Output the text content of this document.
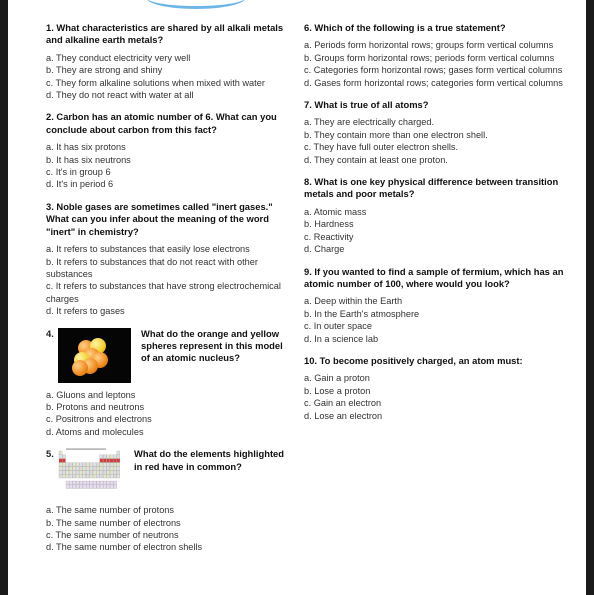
1. What characteristics are shared by all alkali metals and alkaline earth metals?
a. They conduct electricity very well
b. They are strong and shiny
c. They form alkaline solutions when mixed with water
d. They do not react with water at all
2. Carbon has an atomic number of 6. What can you conclude about carbon from this fact?
a. It has six protons
b. It has six neutrons
c. It's in group 6
d. It's in period 6
3. Noble gases are sometimes called "inert gases." What can you infer about the meaning of the word "inert" in chemistry?
a. It refers to substances that easily lose electrons
b. It refers to substances that do not react with other substances
c. It refers to substances that have strong electrochemical charges
d. It refers to gases
4.	What do the orange and yellow spheres represent in this model of an atomic nucleus?
a. Gluons and leptons
b. Protons and neutrons
c. Positrons and electrons
d. Atoms and molecules
5.	What do the elements highlighted in red have in common?
a. The same number of protons
b. The same number of electrons
c. The same number of neutrons
d. The same number of electron shells
6. Which of the following is a true statement?
a. Periods form horizontal rows; groups form vertical columns
b. Groups form horizontal rows; periods form vertical columns
c. Categories form horizontal rows; gases form vertical columns
d. Gases form horizontal rows; categories form vertical columns
7. What is true of all atoms?
a. They are electrically charged.
b. They contain more than one electron shell.
c. They have full outer electron shells.
d. They contain at least one proton.
8. What is one key physical difference between transition metals and poor metals?
a. Atomic mass
b. Hardness
c. Reactivity
d. Charge
9. If you wanted to find a sample of fermium, which has an atomic number of 100, where would you look?
a. Deep within the Earth
b. In the Earth's atmosphere
c. In outer space
d. In a science lab
10. To become positively charged, an atom must:
a. Gain a proton
b. Lose a proton
c. Gain an electron
d. Lose an electron
